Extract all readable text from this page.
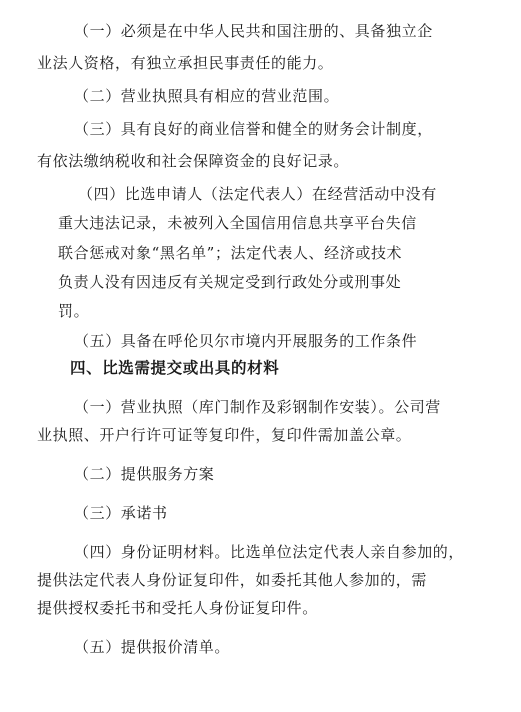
（一）必须是在中华人民共和国注册的、具备独立企
业法人资格，有独立承担民事责任的能力。
（二）营业执照具有相应的营业范围。
（三）具有良好的商业信誉和健全的财务会计制度，
有依法缴纳税收和社会保障资金的良好记录。
（四）比选申请人（法定代表人）在经营活动中没有
重大违法记录，未被列入全国信用信息共享平台失信
联合惩戒对象“黑名单”；法定代表人、经济或技术
负责人没有因违反有关规定受到行政处分或刑事处
罚。
（五）具备在呼伦贝尔市境内开展服务的工作条件
四、比选需提交或出具的材料
（一）营业执照（库门制作及彩钢制作安装）。公司营
业执照、开户行许可证等复印件，复印件需加盖公章。
（二）提供服务方案
（三）承诺书
（四）身份证明材料。比选单位法定代表人亲自参加的，
提供法定代表人身份证复印件，如委托其他人参加的，需
提供授权委托书和受托人身份证复印件。
（五）提供报价清单。
